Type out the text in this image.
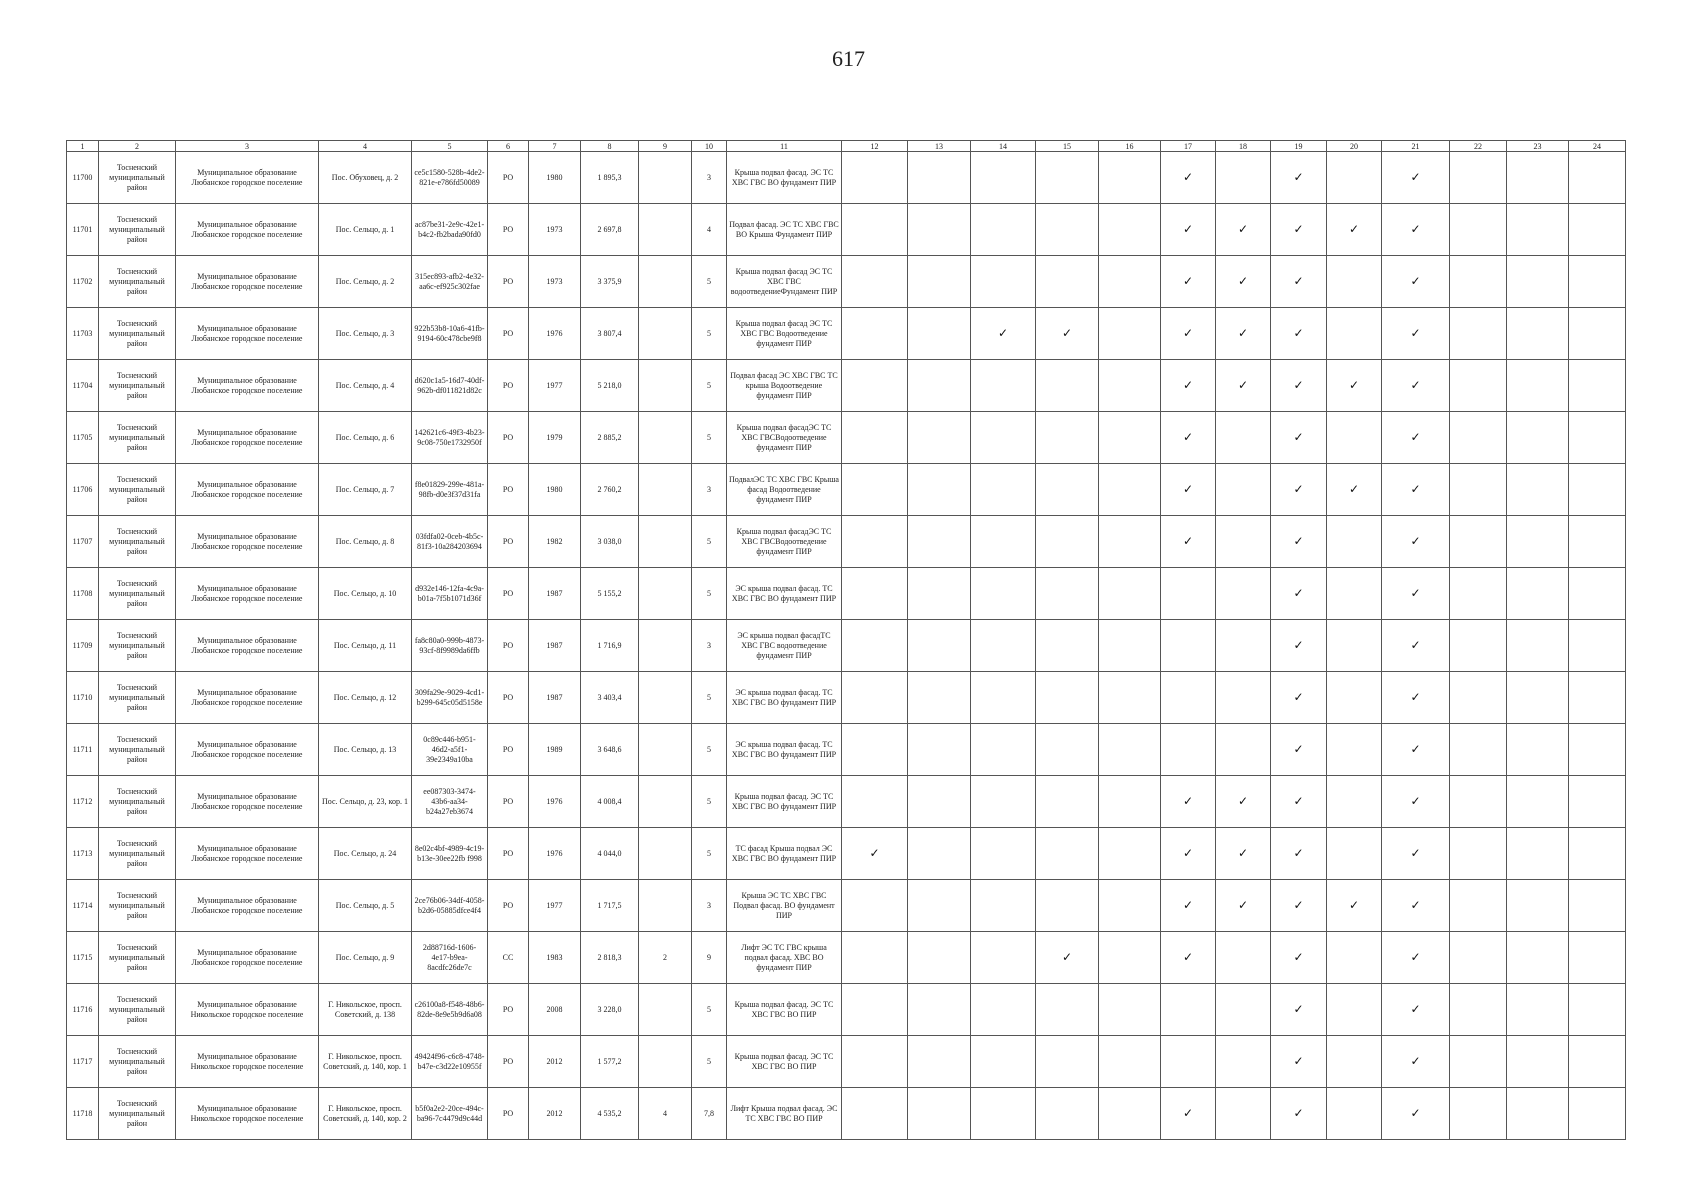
617
1	2	3	4	5	6	7	8	9	10	11	12	13	14	15	16	17	18	19	20	21	22	23	24
11700	Тосненский муниципальный район	Муниципальное образование Любанское городское поселение	Пос. Обуховец, д. 2	ce5c1580-528b-4de2-821e-e786fd50089	РО	1980	1 895,3		3	Крыша подвал фасад. ЭС ТС ХВС ГВС ВО фундамент ПИР						✓		✓		✓			
11701	Тосненский муниципальный район	Муниципальное образование Любанское городское поселение	Пос. Сельцо, д. 1	ac87be31-2e9c-42e1-b4c2-fb2bada90fd0	РО	1973	2 697,8		4	Подвал фасад. ЭС ТС ХВС ГВС ВО Крыша Фундамент ПИР						✓	✓	✓	✓	✓			
11702	Тосненский муниципальный район	Муниципальное образование Любанское городское поселение	Пос. Сельцо, д. 2	315ec893-afb2-4e32-aa6c-ef925c302fae	РО	1973	3 375,9		5	Крыша подвал фасад ЭС ТС ХВС ГВС водоотведениеФундамент ПИР						✓	✓	✓		✓			
11703	Тосненский муниципальный район	Муниципальное образование Любанское городское поселение	Пос. Сельцо, д. 3	922b53b8-10a6-41fb-9194-60c478cbe9f8	РО	1976	3 807,4		5	Крыша подвал фасад ЭС ТС ХВС ГВС Водоотведение фундамент ПИР			✓	✓		✓	✓	✓		✓			
11704	Тосненский муниципальный район	Муниципальное образование Любанское городское поселение	Пос. Сельцо, д. 4	d620c1a5-16d7-40df-962b-df011821d82c	РО	1977	5 218,0		5	Подвал фасад ЭС ХВС ГВС ТС крыша Водоотведение фундамент ПИР						✓	✓	✓	✓	✓			
11705	Тосненский муниципальный район	Муниципальное образование Любанское городское поселение	Пос. Сельцо, д. 6	142621c6-49f3-4b23-9c08-750e1732950f	РО	1979	2 885,2		5	Крыша подвал фасадЭС ТС ХВС ГВСВодоотведение фундамент ПИР						✓		✓		✓			
11706	Тосненский муниципальный район	Муниципальное образование Любанское городское поселение	Пос. Сельцо, д. 7	f8e01829-299e-481a-98fb-d0e3f37d31fa	РО	1980	2 760,2		3	ПодвалЭС ТС ХВС ГВС Крыша фасад Водоотведение фундамент ПИР						✓		✓	✓	✓			
11707	Тосненский муниципальный район	Муниципальное образование Любанское городское поселение	Пос. Сельцо, д. 8	03fdfa02-0ceb-4b5c-81f3-10a284203694	РО	1982	3 038,0		5	Крыша подвал фасадЭС ТС ХВС ГВСВодоотведение фундамент ПИР						✓		✓		✓			
11708	Тосненский муниципальный район	Муниципальное образование Любанское городское поселение	Пос. Сельцо, д. 10	d932e146-12fa-4c9a-b01a-7f5b1071d36f	РО	1987	5 155,2		5	ЭС крыша подвал фасад. ТС ХВС ГВС ВО фундамент ПИР								✓		✓			
11709	Тосненский муниципальный район	Муниципальное образование Любанское городское поселение	Пос. Сельцо, д. 11	fa8c80a0-999b-4873-93cf-8f9989da6ffb	РО	1987	1 716,9		3	ЭС крыша подвал фасадТС ХВС ГВС водоотведение фундамент ПИР								✓		✓			
11710	Тосненский муниципальный район	Муниципальное образование Любанское городское поселение	Пос. Сельцо, д. 12	309fa29e-9029-4cd1-b299-645c05d5158e	РО	1987	3 403,4		5	ЭС крыша подвал фасад. ТС ХВС ГВС ВО фундамент ПИР								✓		✓			
11711	Тосненский муниципальный район	Муниципальное образование Любанское городское поселение	Пос. Сельцо, д. 13	0c89c446-b951-46d2-a5f1-39e2349a10ba	РО	1989	3 648,6		5	ЭС крыша подвал фасад. ТС ХВС ГВС ВО фундамент ПИР								✓		✓			
11712	Тосненский муниципальный район	Муниципальное образование Любанское городское поселение	Пос. Сельцо, д. 23, кор. 1	ee087303-3474-43b6-aa34-b24a27eb3674	РО	1976	4 008,4		5	Крыша подвал фасад. ЭС ТС ХВС ГВС ВО фундамент ПИР						✓	✓	✓		✓			
11713	Тосненский муниципальный район	Муниципальное образование Любанское городское поселение	Пос. Сельцо, д. 24	8e02c4bf-4989-4c19-b13e-30ee22fb f998	РО	1976	4 044,0		5	ТС фасад Крыша подвал ЭС ХВС ГВС ВО фундамент ПИР	✓					✓	✓	✓		✓			
11714	Тосненский муниципальный район	Муниципальное образование Любанское городское поселение	Пос. Сельцо, д. 5	2ce76b06-34df-4058-b2d6-05885dfce4f4	РО	1977	1 717,5		3	Крыша ЭС ТС ХВС ГВС Подвал фасад. ВО фундамент ПИР						✓	✓	✓	✓	✓			
11715	Тосненский муниципальный район	Муниципальное образование Любанское городское поселение	Пос. Сельцо, д. 9	2d88716d-1606-4e17-b9ea-8acdfc26de7c	СС	1983	2 818,3	2	9	Лифт ЭС ТС ГВС крыша подвал фасад. ХВС ВО фундамент ПИР				✓		✓		✓		✓			
11716	Тосненский муниципальный район	Муниципальное образование Никольское городское поселение	Г. Никольское, просп. Советский, д. 138	c26100a8-f548-48b6-82de-8e9e5b9d6a08	РО	2008	3 228,0		5	Крыша подвал фасад. ЭС ТС ХВС ГВС ВО ПИР								✓		✓			
11717	Тосненский муниципальный район	Муниципальное образование Никольское городское поселение	Г. Никольское, просп. Советский, д. 140, кор. 1	49424f96-c6c8-4748-b47e-c3d22e10955f	РО	2012	1 577,2		5	Крыша подвал фасад. ЭС ТС ХВС ГВС ВО ПИР								✓		✓			
11718	Тосненский муниципальный район	Муниципальное образование Никольское городское поселение	Г. Никольское, просп. Советский, д. 140, кор. 2	b5f0a2e2-20ce-494c-ba96-7c4479d9c44d	РО	2012	4 535,2	4	7,8	Лифт Крыша подвал фасад. ЭС ТС ХВС ГВС ВО ПИР						✓		✓		✓			
